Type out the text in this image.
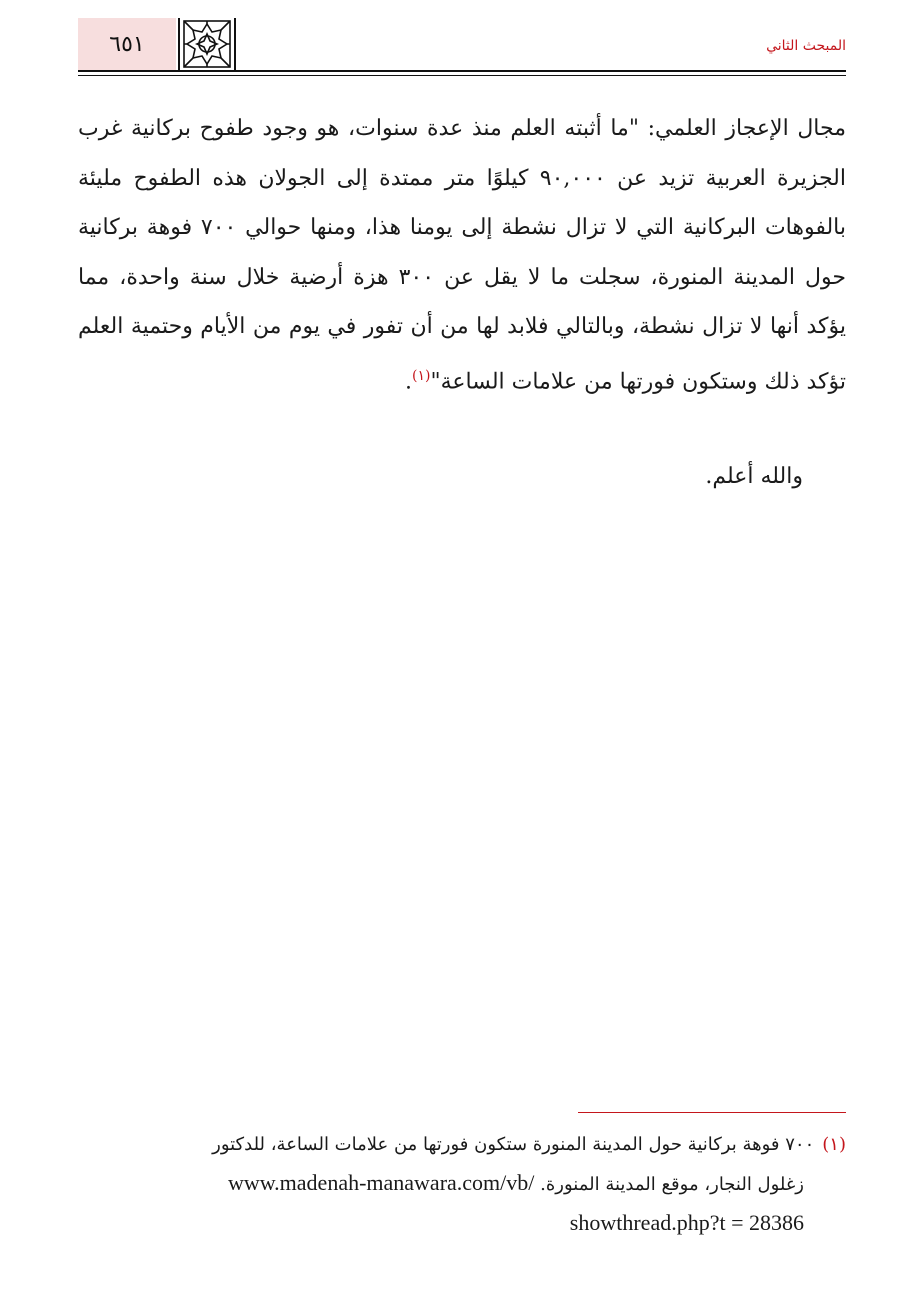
٦٥١	المبحث الثاني

مجال الإعجاز العلمي: "ما أثبته العلم منذ عدة سنوات، هو وجود طفوح بركانية غرب الجزيرة العربية تزيد عن ٩٠,٠٠٠ كيلوًا متر ممتدة إلى الجولان هذه الطفوح مليئة بالفوهات البركانية التي لا تزال نشطة إلى يومنا هذا، ومنها حوالي ٧٠٠ فوهة بركانية حول المدينة المنورة، سجلت ما لا يقل عن ٣٠٠ هزة أرضية خلال سنة واحدة، مما يؤكد أنها لا تزال نشطة، وبالتالي فلابد لها من أن تفور في يوم من الأيام وحتمية العلم تؤكد ذلك وستكون فورتها من علامات الساعة"$^{(١)}$.

والله أعلم.
(١)٧٠٠ فوهة بركانية حول المدينة المنورة ستكون فورتها من علامات الساعة، للدكتور
زغلول النجار، موقع المدينة المنورة. www.madenah-manawara.com/vb/
showthread.php?t = 28386
